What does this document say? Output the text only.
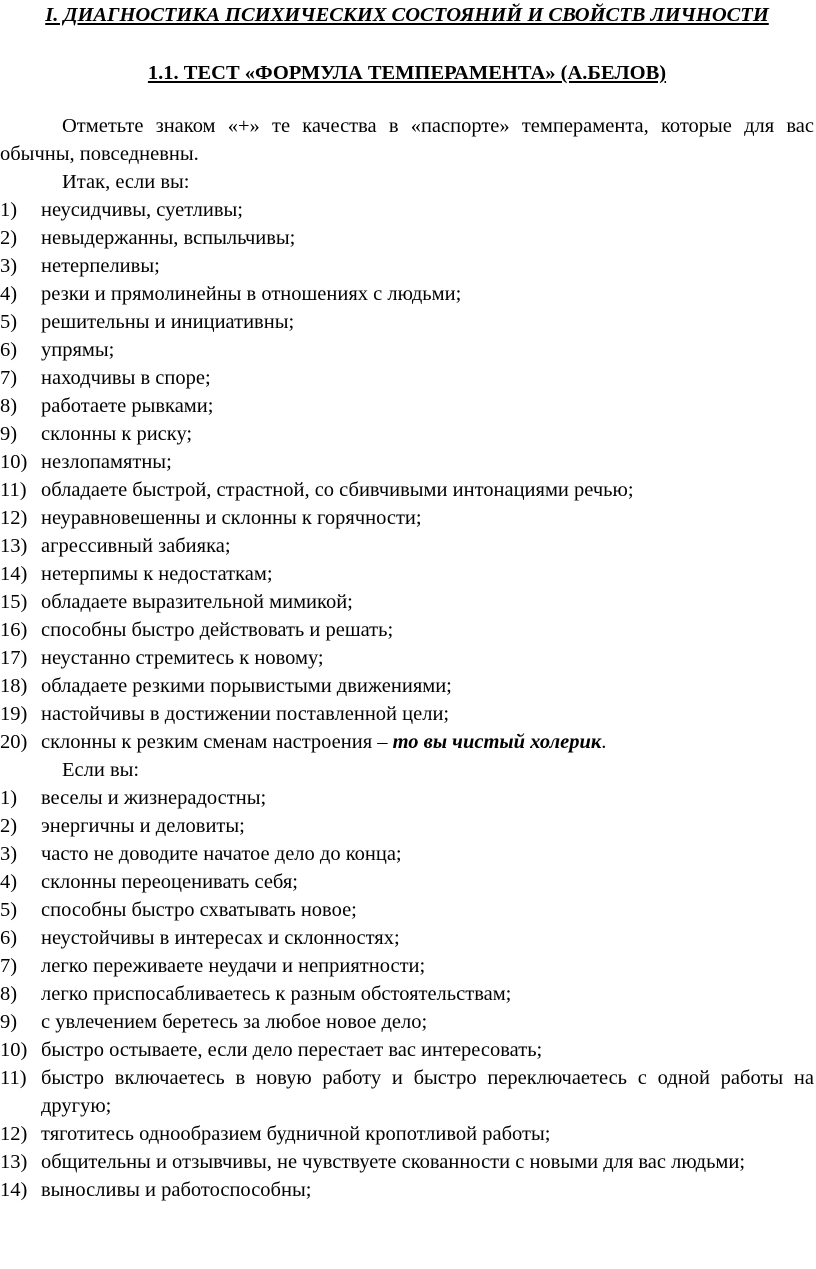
I. ДИАГНОСТИКА ПСИХИЧЕСКИХ СОСТОЯНИЙ И СВОЙСТВ ЛИЧНОСТИ
1.1. ТЕСТ «ФОРМУЛА ТЕМПЕРАМЕНТА» (А.БЕЛОВ)

Отметьте знаком «+» те качества в «паспорте» темперамента, которые для вас обычны, повседневны.

Итак, если вы:

1) неусидчивы, суетливы;
2) невыдержанны, вспыльчивы;
3) нетерпеливы;
4) резки и прямолинейны в отношениях с людьми;
5) решительны и инициативны;
6) упрямы;
7) находчивы в споре;
8) работаете рывками;
9) склонны к риску;
10) незлопамятны;
11) обладаете быстрой, страстной, со сбивчивыми интонациями речью;
12) неуравновешенны и склонны к горячности;
13) агрессивный забияка;
14) нетерпимы к недостаткам;
15) обладаете выразительной мимикой;
16) способны быстро действовать и решать;
17) неустанно стремитесь к новому;
18) обладаете резкими порывистыми движениями;
19) настойчивы в достижении поставленной цели;
20) склонны к резким сменам настроения – то вы чистый холерик.

Если вы:

1) веселы и жизнерадостны;
2) энергичны и деловиты;
3) часто не доводите начатое дело до конца;
4) склонны переоценивать себя;
5) способны быстро схватывать новое;
6) неустойчивы в интересах и склонностях;
7) легко переживаете неудачи и неприятности;
8) легко приспосабливаетесь к разным обстоятельствам;
9) с увлечением беретесь за любое новое дело;
10) быстро остываете, если дело перестает вас интересовать;
11) быстро включаетесь в новую работу и быстро переключаетесь с одной работы на другую;
12) тяготитесь однообразием будничной кропотливой работы;
13) общительны и отзывчивы, не чувствуете скованности с новыми для вас людьми;
14) выносливы и работоспособны;
